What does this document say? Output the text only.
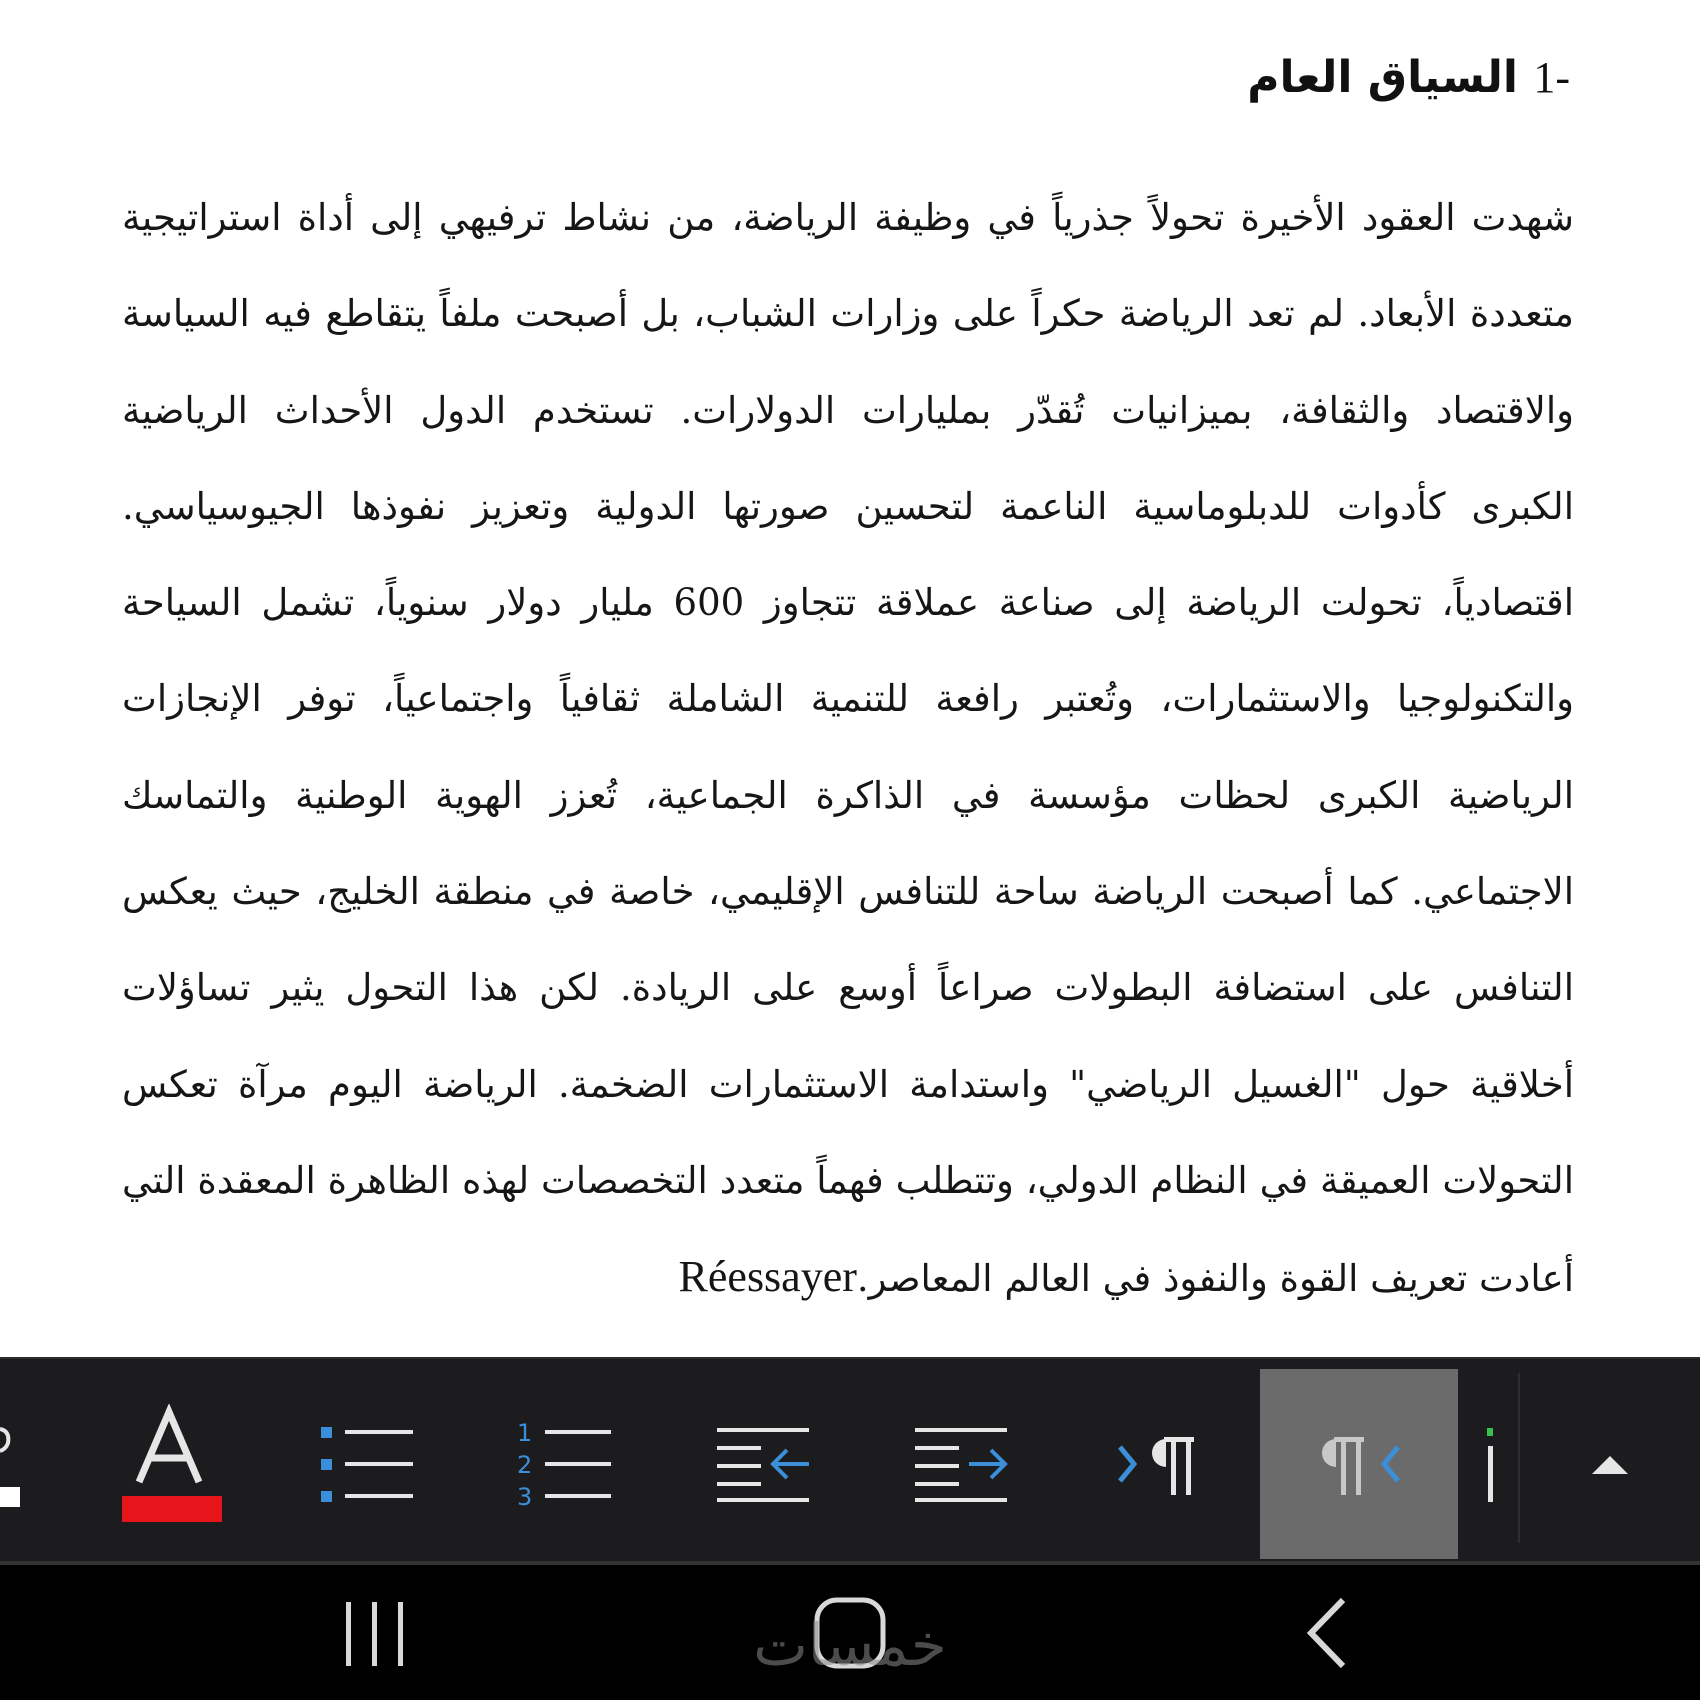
-1 السياق العام
شهدت العقود الأخيرة تحولاً جذرياً في وظيفة الرياضة، من نشاط ترفيهي إلى أداة استراتيجية
متعددة الأبعاد. لم تعد الرياضة حكراً على وزارات الشباب، بل أصبحت ملفاً يتقاطع فيه السياسة
والاقتصاد والثقافة، بميزانيات تُقدّر بمليارات الدولارات. تستخدم الدول الأحداث الرياضية
الكبرى كأدوات للدبلوماسية الناعمة لتحسين صورتها الدولية وتعزيز نفوذها الجيوسياسي.
اقتصادياً، تحولت الرياضة إلى صناعة عملاقة تتجاوز 600 مليار دولار سنوياً، تشمل السياحة
والتكنولوجيا والاستثمارات، وتُعتبر رافعة للتنمية الشاملة ثقافياً واجتماعياً، توفر الإنجازات
الرياضية الكبرى لحظات مؤسسة في الذاكرة الجماعية، تُعزز الهوية الوطنية والتماسك
الاجتماعي. كما أصبحت الرياضة ساحة للتنافس الإقليمي، خاصة في منطقة الخليج، حيث يعكس
التنافس على استضافة البطولات صراعاً أوسع على الريادة. لكن هذا التحول يثير تساؤلات
أخلاقية حول "الغسيل الرياضي" واستدامة الاستثمارات الضخمة. الرياضة اليوم مرآة تعكس
التحولات العميقة في النظام الدولي، وتتطلب فهماً متعدد التخصصات لهذه الظاهرة المعقدة التي
أعادت تعريف القوة والنفوذ في العالم المعاصر.Réessayer
1
2
3
خمسات
